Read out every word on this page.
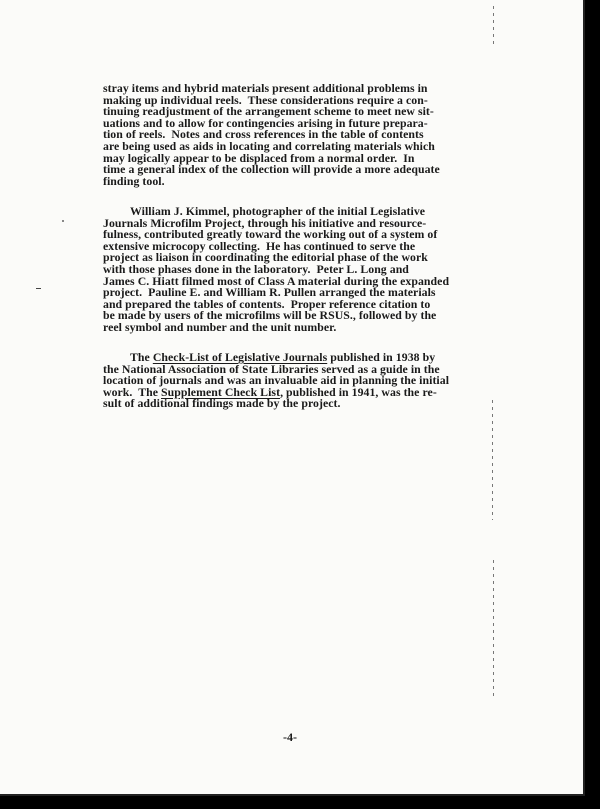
stray items and hybrid materials present additional problems in
making up individual reels.  These considerations require a con-
tinuing readjustment of the arrangement scheme to meet new sit-
uations and to allow for contingencies arising in future prepara-
tion of reels.  Notes and cross references in the table of contents
are being used as aids in locating and correlating materials which
may logically appear to be displaced from a normal order.  In
time a general index of the collection will provide a more adequate
finding tool.
William J. Kimmel, photographer of the initial Legislative
Journals Microfilm Project, through his initiative and resource-
fulness, contributed greatly toward the working out of a system of
extensive microcopy collecting.  He has continued to serve the
project as liaison in coordinating the editorial phase of the work
with those phases done in the laboratory.  Peter L. Long and
James C. Hiatt filmed most of Class A material during the expanded
project.  Pauline E. and William R. Pullen arranged the materials
and prepared the tables of contents.  Proper reference citation to
be made by users of the microfilms will be RSUS., followed by the
reel symbol and number and the unit number.
The Check-List of Legislative Journals published in 1938 by
the National Association of State Libraries served as a guide in the
location of journals and was an invaluable aid in planning the initial
work.  The Supplement Check List, published in 1941, was the re-
sult of additional findings made by the project.
-4-
